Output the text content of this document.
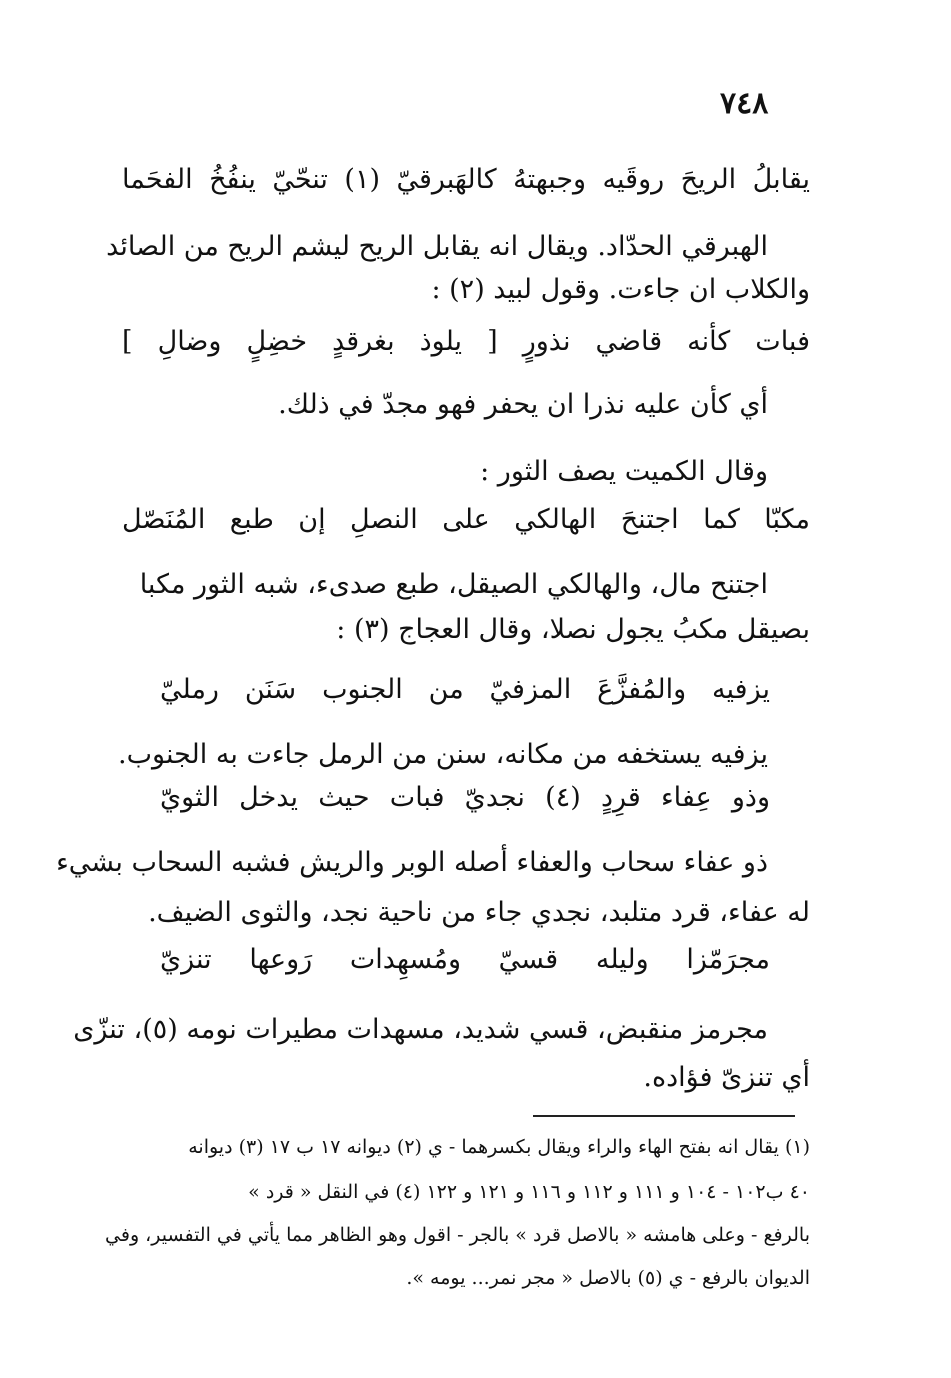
٧٤٨
يقابلُ الريحَ روقَيه وجبهتهُ كالهَبرقيّ (١) تنحّيّ ينفُخُ الفحَما
الهبرقي الحدّاد. ويقال انه يقابل الريح ليشم الريح من الصائد
والكلاب ان جاءت. وقول لبيد (٢) :
فبات كأنه قاضي نذورٍ [ يلوذ بغرقدٍ خضِلٍ وضالِ ]
أي كأن عليه نذرا ان يحفر فهو مجدّ في ذلك.
وقال الكميت يصف الثور :
مكبّا كما اجتنحَ الهالكي على النصلِ إن طبع المُنَصّل
اجتنح مال، والهالكي الصيقل، طبع صدىء، شبه الثور مكبا
بصيقل مكبُ يجول نصلا، وقال العجاج (٣) :
يزفيه والمُفزَّعَ المزفيّ من الجنوب سَنَن رمليّ
يزفيه يستخفه من مكانه، سنن من الرمل جاءت به الجنوب.
وذو عِفاء قرِدٍ (٤) نجديّ فبات حيث يدخل الثويّ
ذو عفاء سحاب والعفاء أصله الوبر والريش فشبه السحاب بشيء
له عفاء، قرد متلبد، نجدي جاء من ناحية نجد، والثوى الضيف.
مجرَمّزا وليله قسيّ ومُسهِدات رَوعها تنزيّ
مجرمز منقبض، قسي شديد، مسهدات مطيرات نومه (٥)، تنزّى
أي تنزىّ فؤاده.
(١) يقال انه بفتح الهاء والراء ويقال بكسرهما - ي (٢) ديوانه ١٧ ب ١٧ (٣) ديوانه
٤٠ ب١٠٢ - ١٠٤ و ١١١ و ١١٢ و ١١٦ و ١٢١ و ١٢٢ (٤) في النقل « قرد »
بالرفع - وعلى هامشه « بالاصل قرد » بالجر - اقول وهو الظاهر مما يأتي في التفسير، وفي
الديوان بالرفع - ي (٥) بالاصل « مجر نمر... يومه ».
